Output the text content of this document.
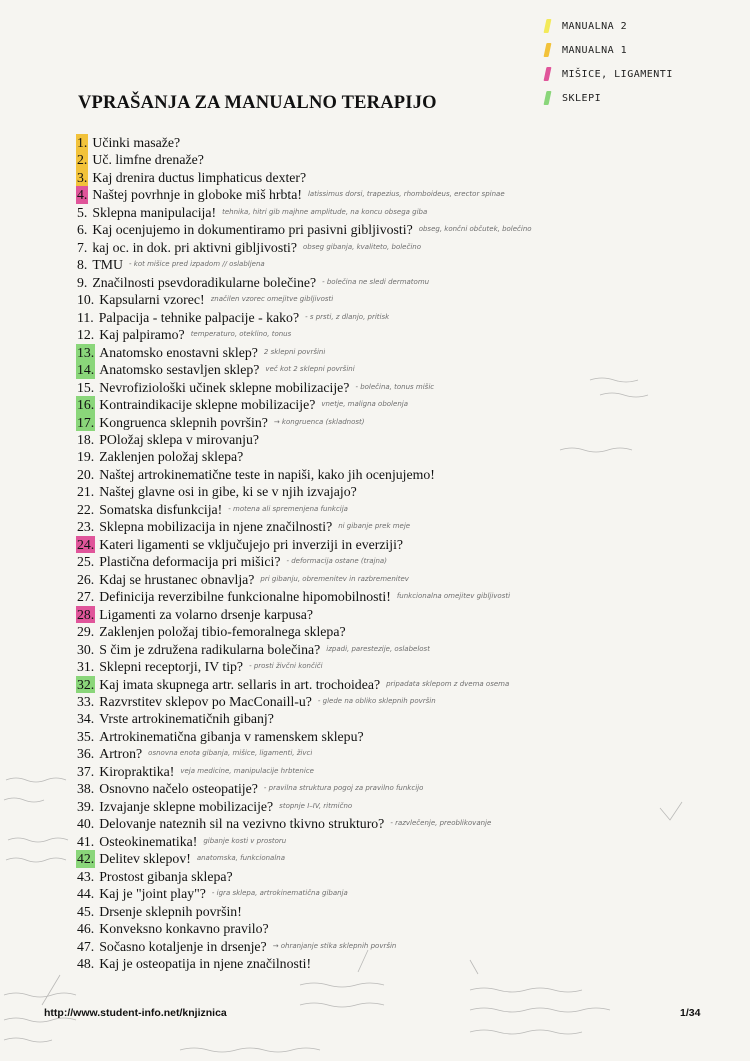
MANUALNA 2
MANUALNA 1
MIŠICE, LIGAMENTI
SKLEPI
VPRAŠANJA ZA MANUALNO TERAPIJO
1. Učinki masaže?
2. Uč. limfne drenaže?
3. Kaj drenira ductus limphaticus dexter?
4. Naštej povrhnje in globoke miš hrbta! latissimus dorsi, trapezius, rhomboideus, erector spinae
5. Sklepna manipulacija! tehnika, hitri gib majhne amplitude, na koncu obsega giba
6. Kaj ocenjujemo in dokumentiramo pri pasivni gibljivosti? obseg, končni občutek, bolečino
7. kaj oc. in dok. pri aktivni gibljivosti? obseg gibanja, kvaliteto, bolečino
8. TMU - kot mišice pred izpadom // oslabljena
9. Značilnosti psevdoradikularne bolečine? - bolečina ne sledi dermatomu
10. Kapsularni vzorec! značilen vzorec omejitve gibljivosti
11. Palpacija - tehnike palpacije - kako? - s prsti, z dlanjo, pritisk
12. Kaj palpiramo? temperaturo, oteklino, tonus
13. Anatomsko enostavni sklep? 2 sklepni površini
14. Anatomsko sestavljen sklep? več kot 2 sklepni površini
15. Nevrofiziološki učinek sklepne mobilizacije? - bolečina, tonus mišic
16. Kontraindikacije sklepne mobilizacije? vnetje, maligna obolenja
17. Kongruenca sklepnih površin? → kongruenca (skladnost)
18. POložaj sklepa v mirovanju?
19. Zaklenjen položaj sklepa?
20. Naštej artrokinematične teste in napiši, kako jih ocenjujemo!
21. Naštej glavne osi in gibe, ki se v njih izvajajo?
22. Somatska disfunkcija! - motena ali spremenjena funkcija
23. Sklepna mobilizacija in njene značilnosti? ni gibanje prek meje
24. Kateri ligamenti se vključujejo pri inverziji in everziji?
25. Plastična deformacija pri mišici? - deformacija ostane (trajna)
26. Kdaj se hrustanec obnavlja? pri gibanju, obremenitev in razbremenitev
27. Definicija reverzibilne funkcionalne hipomobilnosti! funkcionalna omejitev gibljivosti
28. Ligamenti za volarno drsenje karpusa?
29. Zaklenjen položaj tibio-femoralnega sklepa?
30. S čim je združena radikularna bolečina? izpadi, parestezije, oslabelost
31. Sklepni receptorji, IV tip? - prosti živčni končiči
32. Kaj imata skupnega artr. sellaris in art. trochoidea? pripadata sklepom z dvema osema
33. Razvrstitev sklepov po MacConaill-u? - glede na obliko sklepnih površin
34. Vrste artrokinematičnih gibanj?
35. Artrokinematična gibanja v ramenskem sklepu?
36. Artron? osnovna enota gibanja, mišice, ligamenti, živci
37. Kiropraktika! veja medicine, manipulacije hrbtenice
38. Osnovno načelo osteopatije? - pravilna struktura pogoj za pravilno funkcijo
39. Izvajanje sklepne mobilizacije? stopnje I–IV, ritmično
40. Delovanje nateznih sil na vezivno tkivno strukturo? - razvlečenje, preoblikovanje
41. Osteokinematika! gibanje kosti v prostoru
42. Delitev sklepov! anatomska, funkcionalna
43. Prostost gibanja sklepa?
44. Kaj je "joint play"? - igra sklepa, artrokinematična gibanja
45. Drsenje sklepnih površin!
46. Konveksno konkavno pravilo?
47. Sočasno kotaljenje in drsenje? → ohranjanje stika sklepnih površin
48. Kaj je osteopatija in njene značilnosti!
http://www.student-info.net/knjiznica	1/34
